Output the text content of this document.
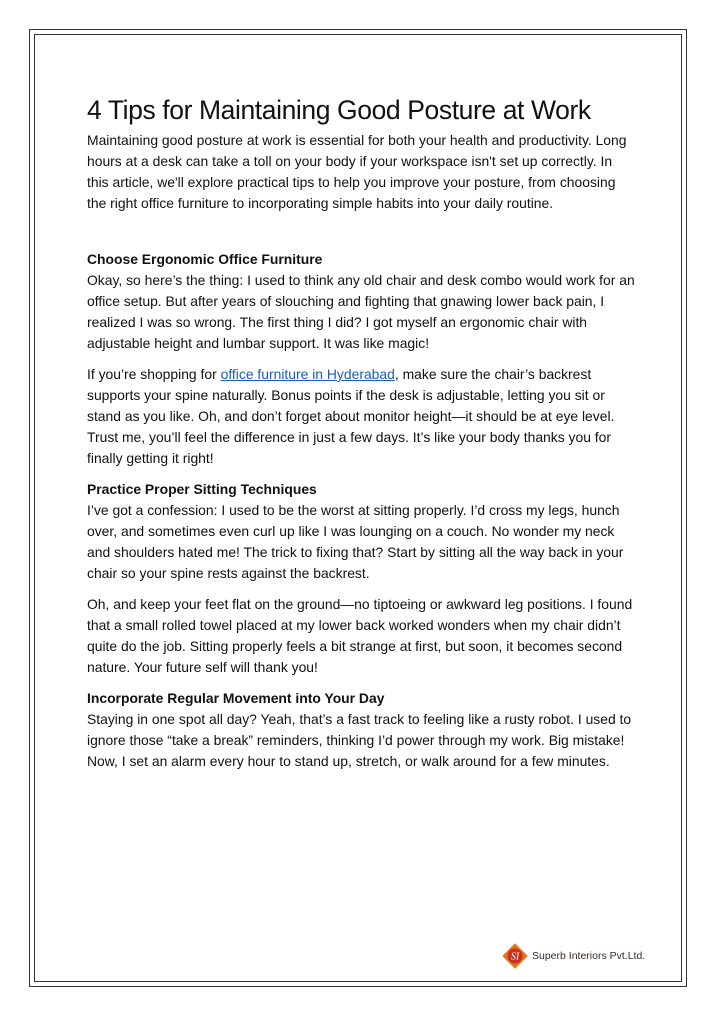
4 Tips for Maintaining Good Posture at Work

Maintaining good posture at work is essential for both your health and productivity. Long hours at a desk can take a toll on your body if your workspace isn't set up correctly. In this article, we'll explore practical tips to help you improve your posture, from choosing the right office furniture to incorporating simple habits into your daily routine.

Choose Ergonomic Office Furniture
Okay, so here’s the thing: I used to think any old chair and desk combo would work for an office setup. But after years of slouching and fighting that gnawing lower back pain, I realized I was so wrong. The first thing I did? I got myself an ergonomic chair with adjustable height and lumbar support. It was like magic!

If you’re shopping for office furniture in Hyderabad, make sure the chair’s backrest supports your spine naturally. Bonus points if the desk is adjustable, letting you sit or stand as you like. Oh, and don’t forget about monitor height—it should be at eye level. Trust me, you’ll feel the difference in just a few days. It’s like your body thanks you for finally getting it right!

Practice Proper Sitting Techniques
I’ve got a confession: I used to be the worst at sitting properly. I’d cross my legs, hunch over, and sometimes even curl up like I was lounging on a couch. No wonder my neck and shoulders hated me! The trick to fixing that? Start by sitting all the way back in your chair so your spine rests against the backrest.

Oh, and keep your feet flat on the ground—no tiptoeing or awkward leg positions. I found that a small rolled towel placed at my lower back worked wonders when my chair didn’t quite do the job. Sitting properly feels a bit strange at first, but soon, it becomes second nature. Your future self will thank you!

Incorporate Regular Movement into Your Day
Staying in one spot all day? Yeah, that’s a fast track to feeling like a rusty robot. I used to ignore those “take a break” reminders, thinking I’d power through my work. Big mistake! Now, I set an alarm every hour to stand up, stretch, or walk around for a few minutes.

SI Superb Interiors Pvt.Ltd.
